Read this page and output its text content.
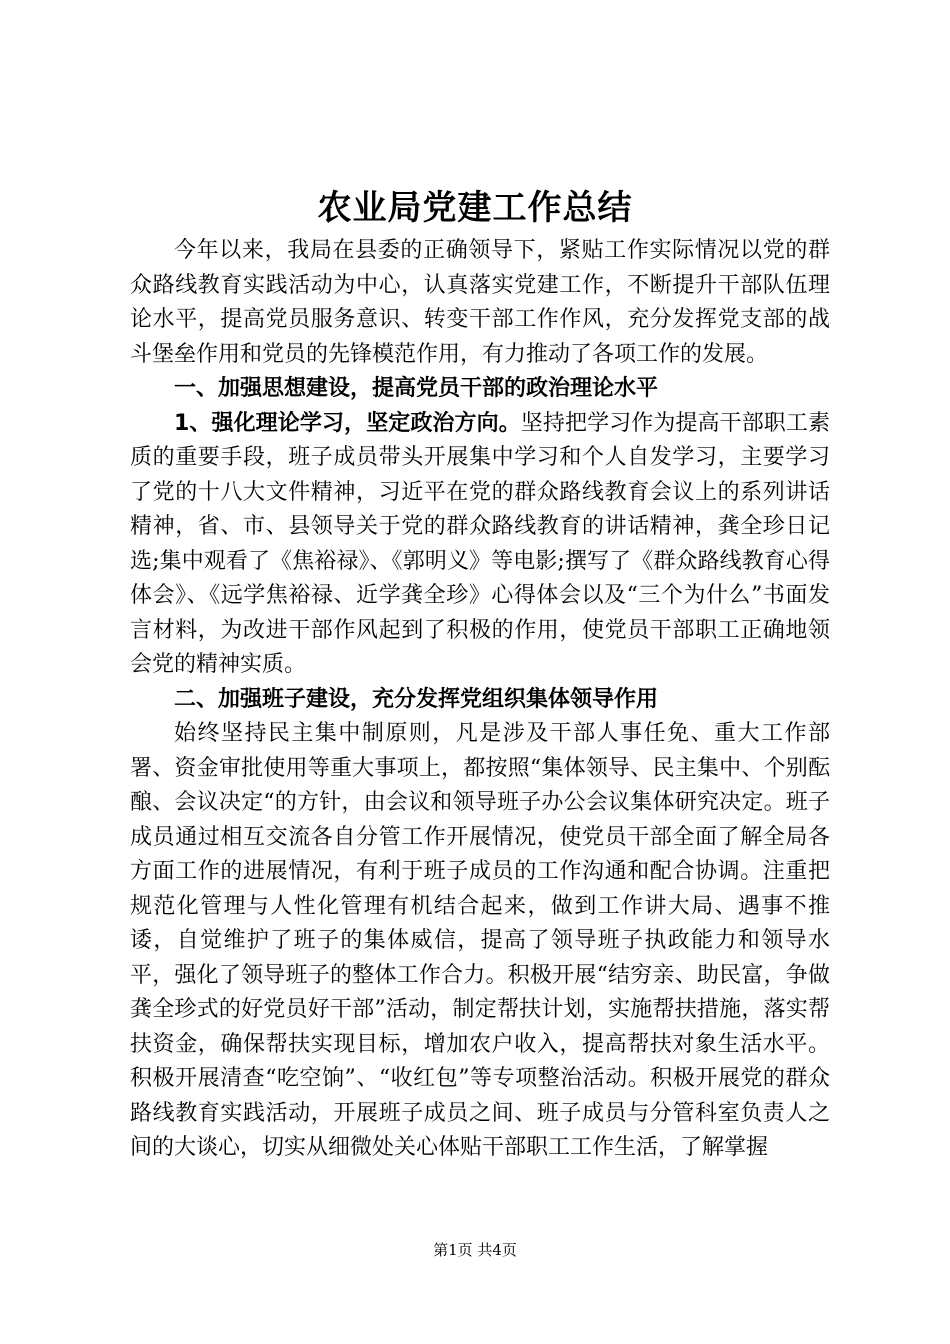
农业局党建工作总结

今年以来，我局在县委的正确领导下，紧贴工作实际情况以党的群众路线教育实践活动为中心，认真落实党建工作，不断提升干部队伍理论水平，提高党员服务意识、转变干部工作作风，充分发挥党支部的战斗堡垒作用和党员的先锋模范作用，有力推动了各项工作的发展。

一、加强思想建设，提高党员干部的政治理论水平

1、强化理论学习，坚定政治方向。坚持把学习作为提高干部职工素质的重要手段，班子成员带头开展集中学习和个人自发学习，主要学习了党的十八大文件精神，习近平在党的群众路线教育会议上的系列讲话精神，省、市、县领导关于党的群众路线教育的讲话精神，龚全珍日记选;集中观看了《焦裕禄》、《郭明义》等电影;撰写了《群众路线教育心得体会》、《远学焦裕禄、近学龚全珍》心得体会以及“三个为什么”书面发言材料，为改进干部作风起到了积极的作用，使党员干部职工正确地领会党的精神实质。

二、加强班子建设，充分发挥党组织集体领导作用

始终坚持民主集中制原则，凡是涉及干部人事任免、重大工作部署、资金审批使用等重大事项上，都按照“集体领导、民主集中、个别酝酿、会议决定“的方针，由会议和领导班子办公会议集体研究决定。班子成员通过相互交流各自分管工作开展情况，使党员干部全面了解全局各方面工作的进展情况，有利于班子成员的工作沟通和配合协调。注重把规范化管理与人性化管理有机结合起来，做到工作讲大局、遇事不推诿，自觉维护了班子的集体威信，提高了领导班子执政能力和领导水平，强化了领导班子的整体工作合力。积极开展“结穷亲、助民富，争做龚全珍式的好党员好干部”活动，制定帮扶计划，实施帮扶措施，落实帮扶资金，确保帮扶实现目标，增加农户收入，提高帮扶对象生活水平。积极开展清查“吃空饷”、“收红包”等专项整治活动。积极开展党的群众路线教育实践活动，开展班子成员之间、班子成员与分管科室负责人之间的大谈心，切实从细微处关心体贴干部职工工作生活，了解掌握

第1页 共4页
